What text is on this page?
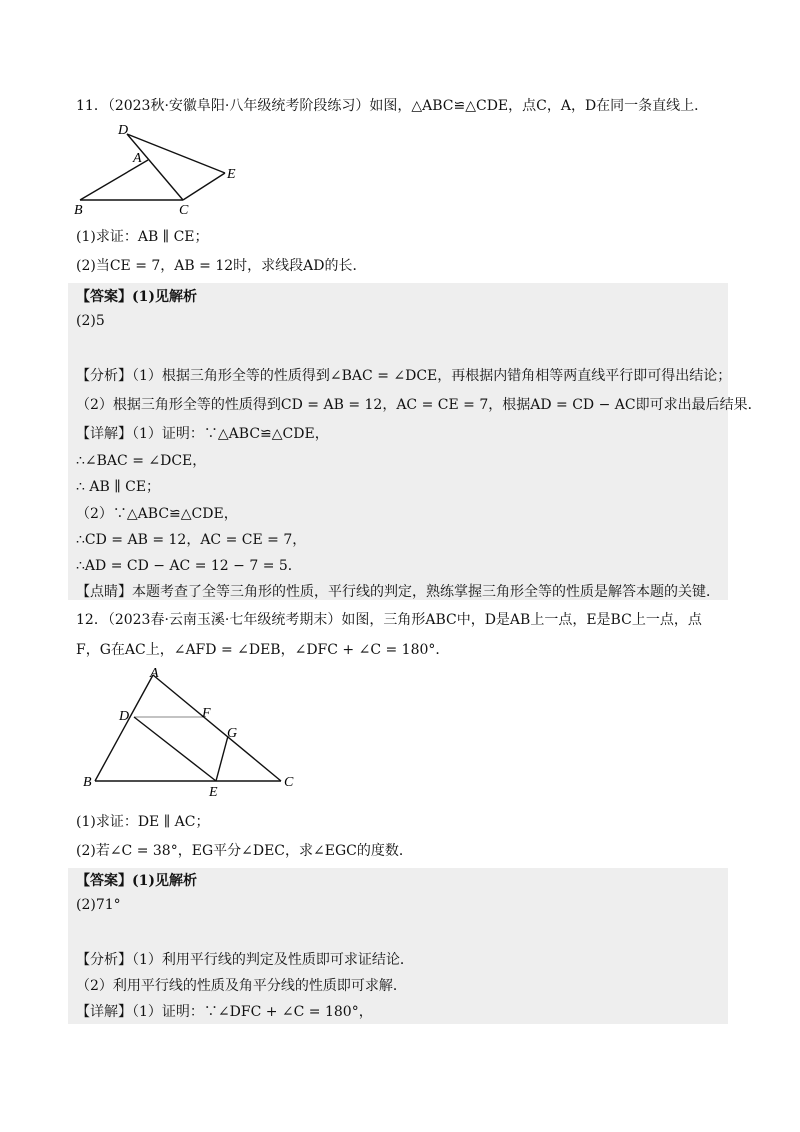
11．（2023秋·安徽阜阳·八年级统考阶段练习）如图，△ABC≌△CDE，点C，A，D在同一条直线上．
D
A
E
B	C
(1)求证：AB ∥ CE；
(2)当CE = 7，AB = 12时，求线段AD的长．
【答案】(1)见解析
(2)5
【分析】（1）根据三角形全等的性质得到∠BAC = ∠DCE，再根据内错角相等两直线平行即可得出结论；
（2）根据三角形全等的性质得到CD = AB = 12，AC = CE = 7，根据AD = CD − AC即可求出最后结果．
【详解】（1）证明：∵△ABC≌△CDE，
∴∠BAC = ∠DCE，
∴ AB ∥ CE；
（2）∵△ABC≌△CDE，
∴CD = AB = 12，AC = CE = 7，
∴AD = CD − AC = 12 − 7 = 5．
【点睛】本题考查了全等三角形的性质，平行线的判定，熟练掌握三角形全等的性质是解答本题的关键．
12．（2023春·云南玉溪·七年级统考期末）如图，三角形ABC中，D是AB上一点，E是BC上一点，点
F，G在AC上，∠AFD = ∠DEB，∠DFC + ∠C = 180°．
A
D	F
G
B
E
C
(1)求证：DE ∥ AC；
(2)若∠C = 38°，EG平分∠DEC，求∠EGC的度数．
【答案】(1)见解析
(2)71°
【分析】（1）利用平行线的判定及性质即可求证结论．
（2）利用平行线的性质及角平分线的性质即可求解．
【详解】（1）证明：∵∠DFC + ∠C = 180°，
